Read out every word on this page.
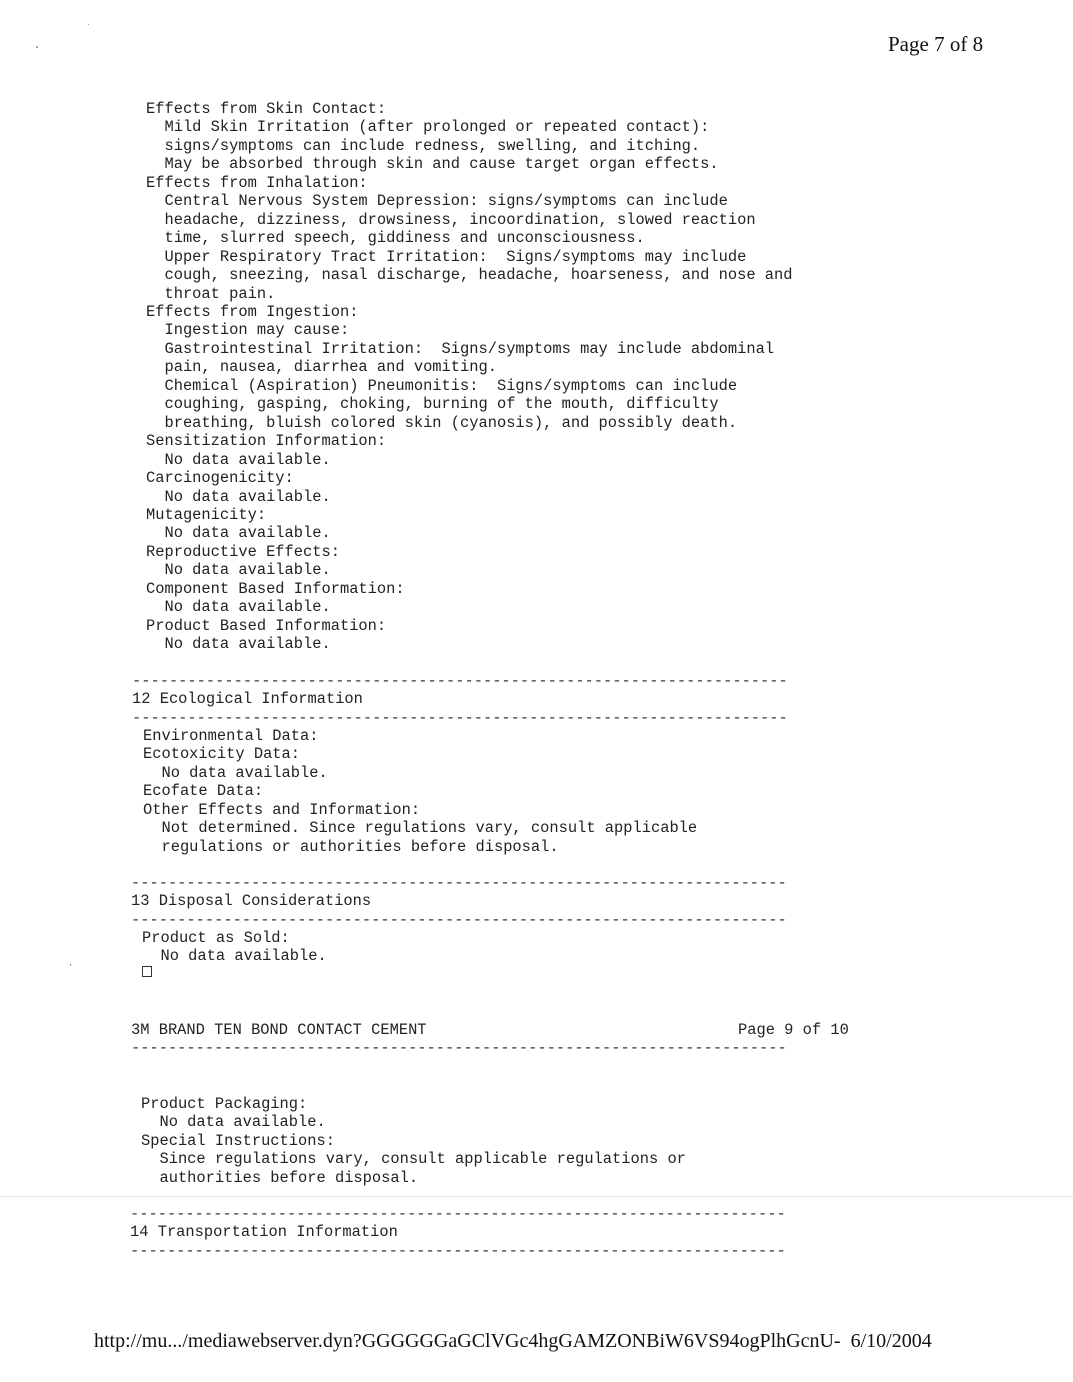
Page 7 of 8
Effects from Skin Contact:
Mild Skin Irritation (after prolonged or repeated contact):
signs/symptoms can include redness, swelling, and itching.
May be absorbed through skin and cause target organ effects.
Effects from Inhalation:
Central Nervous System Depression: signs/symptoms can include
headache, dizziness, drowsiness, incoordination, slowed reaction
time, slurred speech, giddiness and unconsciousness.
Upper Respiratory Tract Irritation:  Signs/symptoms may include
cough, sneezing, nasal discharge, headache, hoarseness, and nose and
throat pain.
Effects from Ingestion:
Ingestion may cause:
Gastrointestinal Irritation:  Signs/symptoms may include abdominal
pain, nausea, diarrhea and vomiting.
Chemical (Aspiration) Pneumonitis:  Signs/symptoms can include
coughing, gasping, choking, burning of the mouth, difficulty
breathing, bluish colored skin (cyanosis), and possibly death.
Sensitization Information:
No data available.
Carcinogenicity:
No data available.
Mutagenicity:
No data available.
Reproductive Effects:
No data available.
Component Based Information:
No data available.
Product Based Information:
No data available.
-----------------------------------------------------------------------
12 Ecological Information
-----------------------------------------------------------------------
Environmental Data:
Ecotoxicity Data:
No data available.
Ecofate Data:
Other Effects and Information:
Not determined. Since regulations vary, consult applicable
regulations or authorities before disposal.
-----------------------------------------------------------------------
13 Disposal Considerations
-----------------------------------------------------------------------
Product as Sold:
No data available.
3M BRAND TEN BOND CONTACT CEMENT	Page 9 of 10
-----------------------------------------------------------------------
Product Packaging:
No data available.
Special Instructions:
Since regulations vary, consult applicable regulations or
authorities before disposal.
-----------------------------------------------------------------------
14 Transportation Information
-----------------------------------------------------------------------
http://mu.../mediawebserver.dyn?GGGGGGaGClVGc4hgGAMZONBiW6VS94ogPlhGcnU- 6/10/2004
